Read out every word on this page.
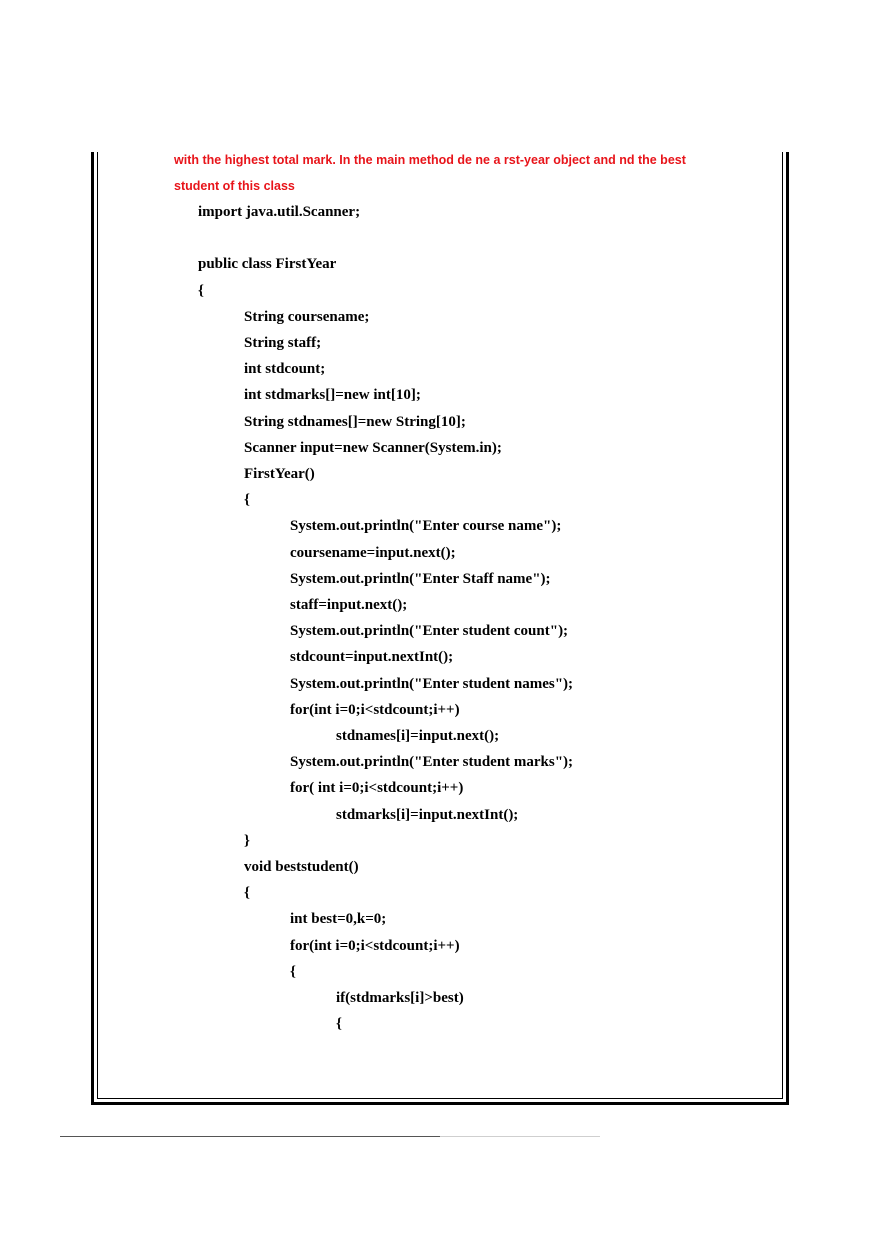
with the highest total mark. In the main method de ne a rst-year object and nd the best
student of this class
import java.util.Scanner;
public class FirstYear
{
String coursename;
String staff;
int stdcount;
int stdmarks[]=new int[10];
String stdnames[]=new String[10];
Scanner input=new Scanner(System.in);
FirstYear()
{
System.out.println("Enter course name");
coursename=input.next();
System.out.println("Enter Staff name");
staff=input.next();
System.out.println("Enter student count");
stdcount=input.nextInt();
System.out.println("Enter student names");
for(int i=0;i<stdcount;i++)
stdnames[i]=input.next();
System.out.println("Enter student marks");
for( int i=0;i<stdcount;i++)
stdmarks[i]=input.nextInt();
}
void beststudent()
{
int best=0,k=0;
for(int i=0;i<stdcount;i++)
{
if(stdmarks[i]>best)
{
